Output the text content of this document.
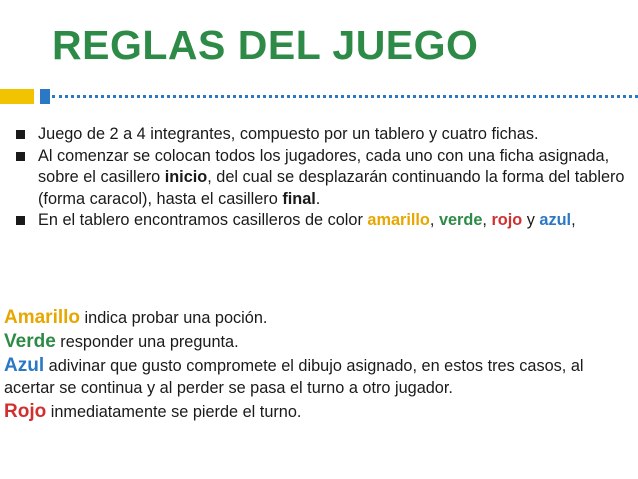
REGLAS DEL JUEGO
Juego de 2 a 4 integrantes, compuesto por un tablero y cuatro fichas.
Al comenzar se colocan todos los jugadores, cada uno con una ficha asignada, sobre el casillero inicio, del cual se desplazarán continuando la forma del tablero (forma caracol), hasta el casillero final.
En el tablero encontramos casilleros de color amarillo, verde, rojo y azul,

Amarillo indica probar una poción.

Verde responder una pregunta.

Azul adivinar que gusto compromete el dibujo asignado, en estos tres casos, al acertar se continua y al perder se pasa el turno a otro jugador.

Rojo inmediatamente se pierde el turno.
